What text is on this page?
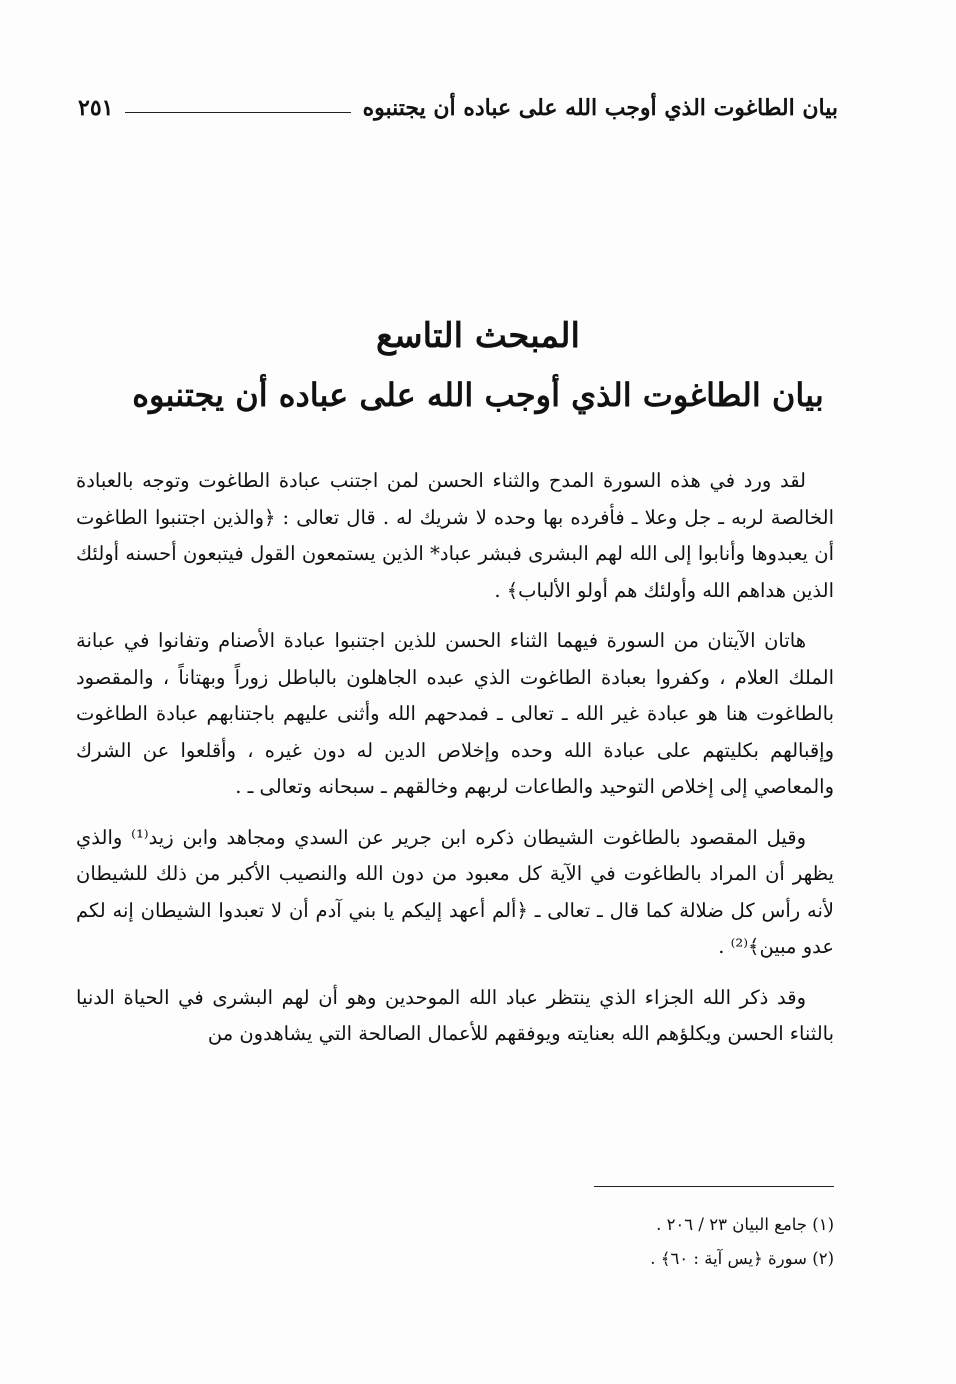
بيان الطاغوت الذي أوجب الله على عباده أن يجتنبوه
٢٥١
المبحث التاسع
بيان الطاغوت الذي أوجب الله على عباده أن يجتنبوه

لقد ورد في هذه السورة المدح والثناء الحسن لمن اجتنب عبادة الطاغوت وتوجه بالعبادة الخالصة لربه ـ جل وعلا ـ فأفرده بها وحده لا شريك له . قال تعالى : ﴿والذين اجتنبوا الطاغوت أن يعبدوها وأنابوا إلى الله لهم البشرى فبشر عباد* الذين يستمعون القول فيتبعون أحسنه أولئك الذين هداهم الله وأولئك هم أولو الألباب﴾ .

هاتان الآيتان من السورة فيهما الثناء الحسن للذين اجتنبوا عبادة الأصنام وتفانوا في عبانة الملك العلام ، وكفروا بعبادة الطاغوت الذي عبده الجاهلون بالباطل زوراً وبهتاناً ، والمقصود بالطاغوت هنا هو عبادة غير الله ـ تعالى ـ فمدحهم الله وأثنى عليهم باجتنابهم عبادة الطاغوت وإقبالهم بكليتهم على عبادة الله وحده وإخلاص الدين له دون غيره ، وأقلعوا عن الشرك والمعاصي إلى إخلاص التوحيد والطاعات لربهم وخالقهم ـ سبحانه وتعالى ـ .

وقيل المقصود بالطاغوت الشيطان ذكره ابن جرير عن السدي ومجاهد وابن زيد⁽¹⁾ والذي يظهر أن المراد بالطاغوت في الآية كل معبود من دون الله والنصيب الأكبر من ذلك للشيطان لأنه رأس كل ضلالة كما قال ـ تعالى ـ ﴿ألم أعهد إليكم يا بني آدم أن لا تعبدوا الشيطان إنه لكم عدو مبين﴾⁽²⁾ .

وقد ذكر الله الجزاء الذي ينتظر عباد الله الموحدين وهو أن لهم البشرى في الحياة الدنيا بالثناء الحسن ويكلؤهم الله بعنايته ويوفقهم للأعمال الصالحة التي يشاهدون من

(١) جامع البيان ٢٣ / ٢٠٦ .
(٢) سورة ﴿يس آية : ٦٠﴾ .
